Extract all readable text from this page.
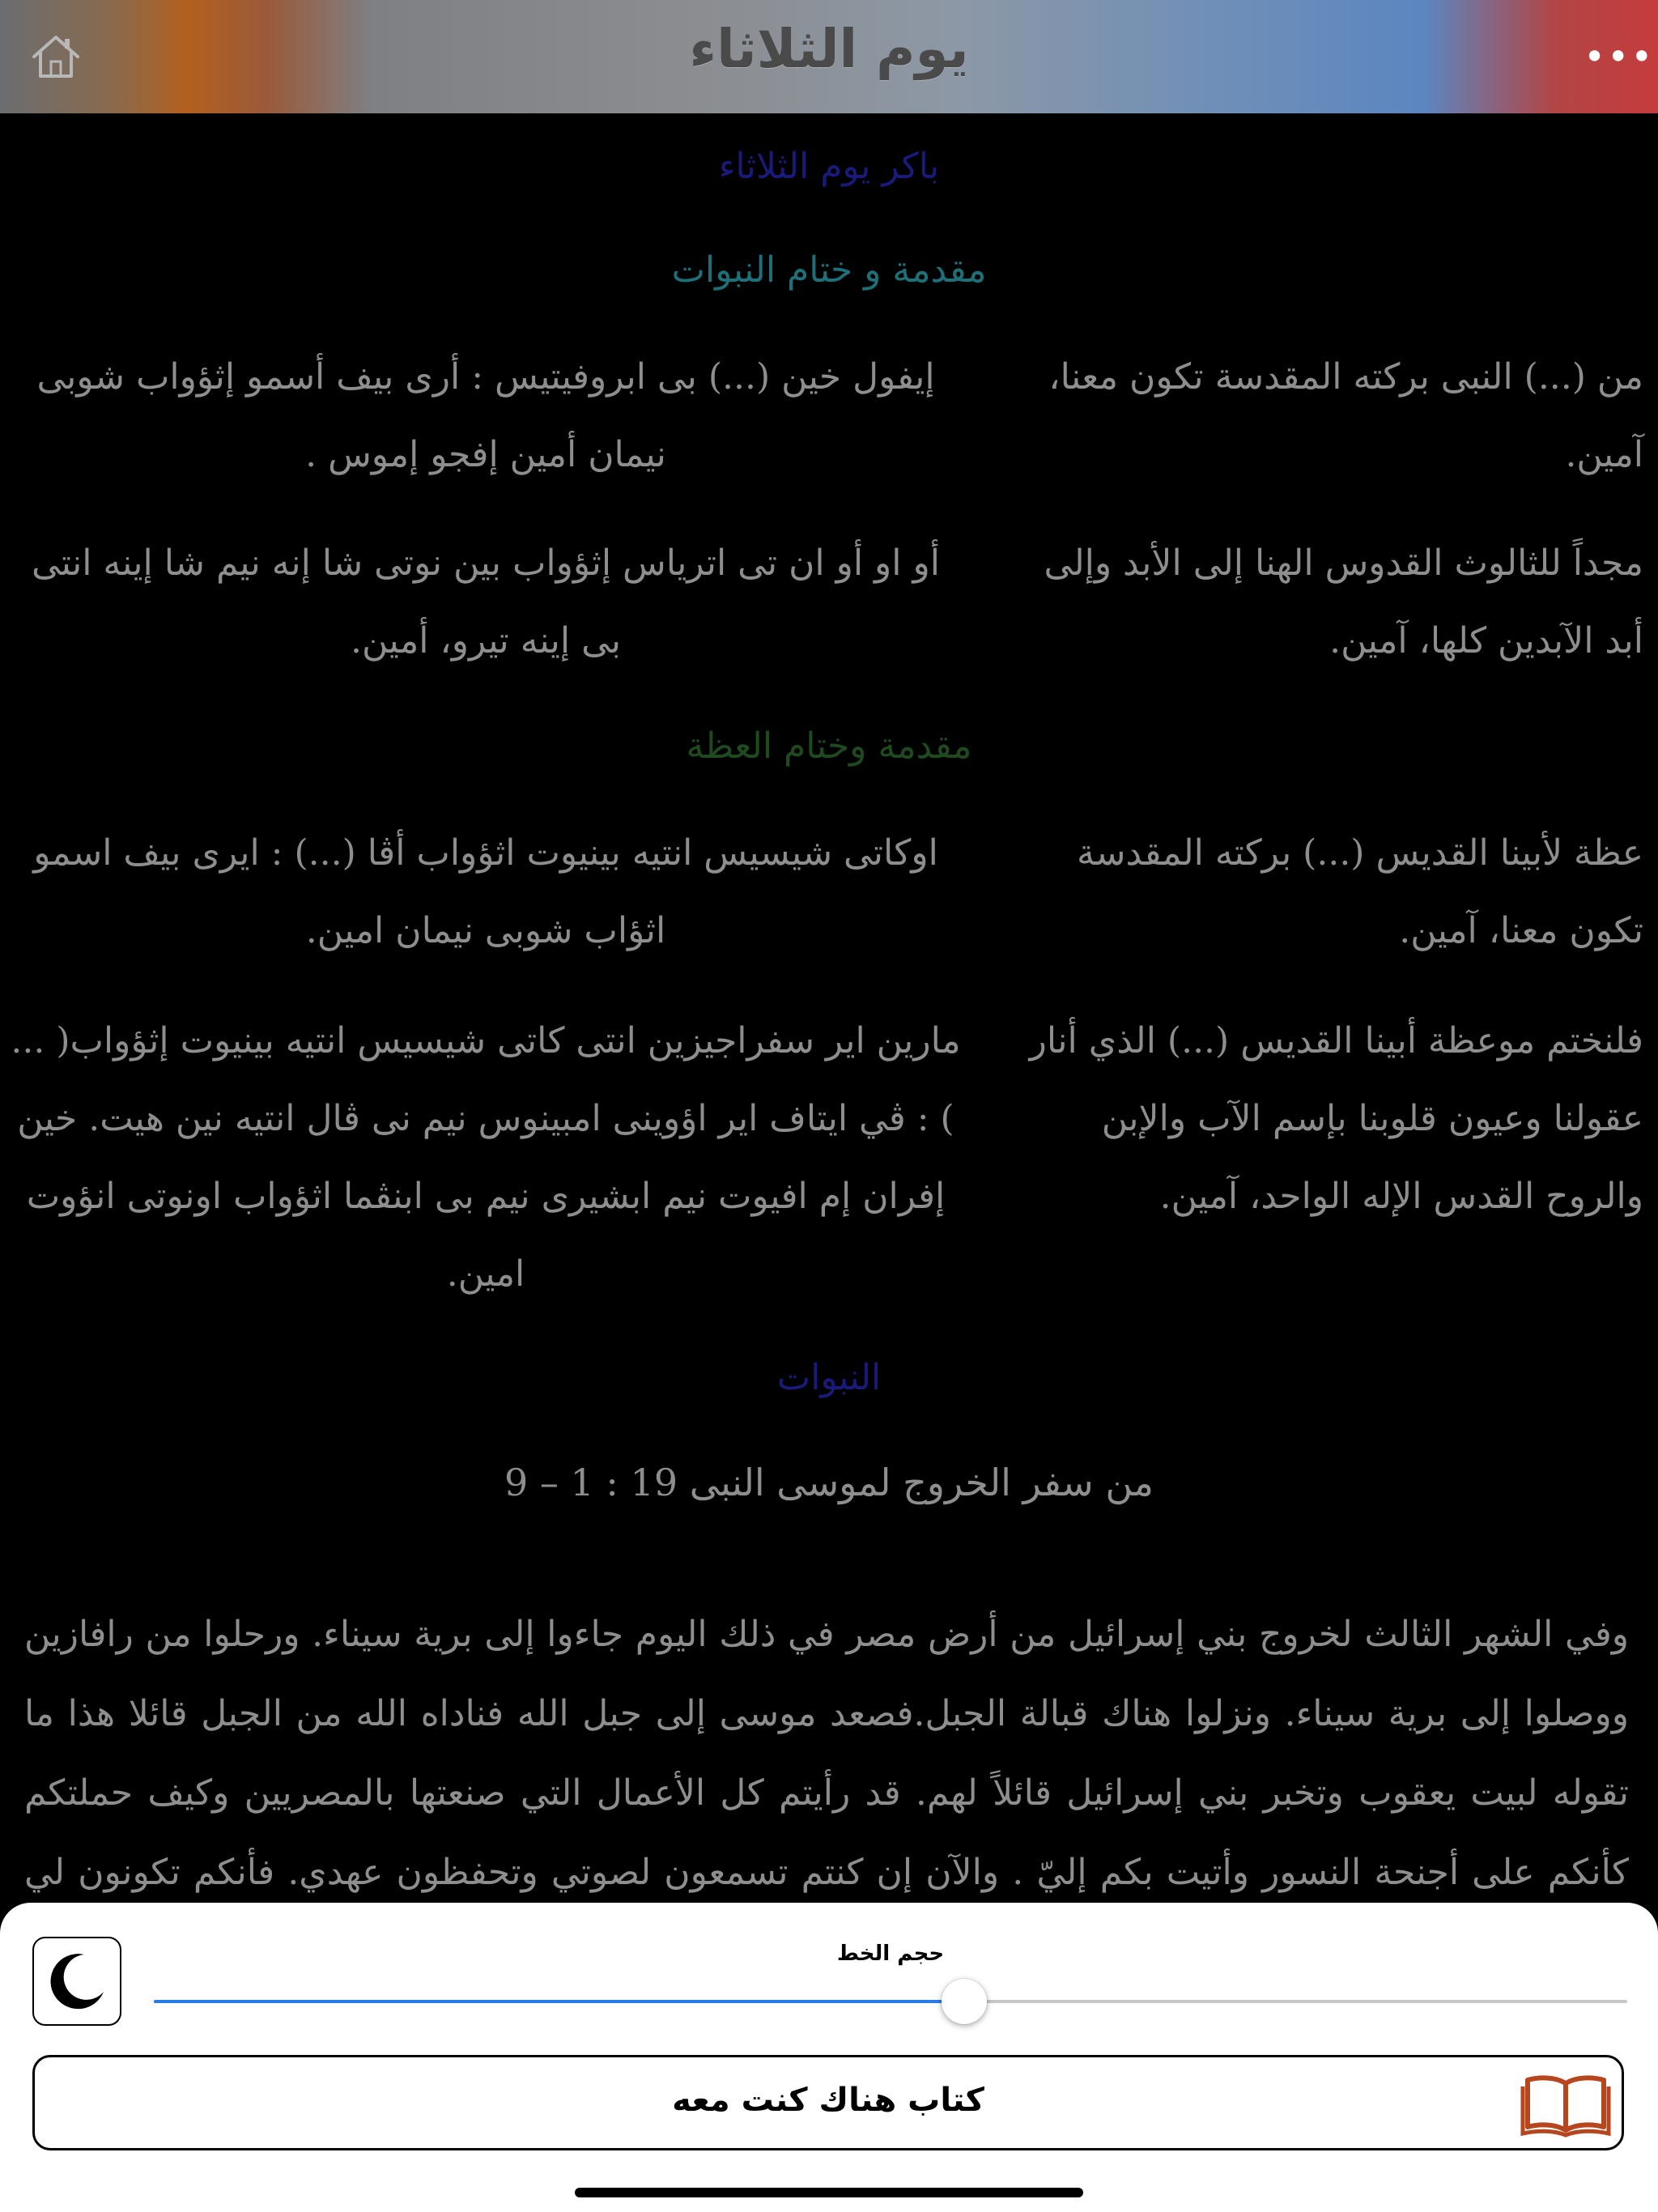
يوم الثلاثاء	•••
باكر يوم الثلاثاء
مقدمة و ختام النبوات
من (...) النبى بركته المقدسة تكون معنا، آمين.
إيفول خين (...) بى ابروفيتيس : أرى بيف أسمو إثؤواب شوبى نيمان أمين إفجو إموس .
مجداً للثالوث القدوس الهنا إلى الأبد وإلى أبد الآبدين كلها، آمين.
أو او أو ان تى اترياس إثؤواب بين نوتى شا إنه نيم شا إينه انتى بى إينه تيرو، أمين.
مقدمة وختام العظة
عظة لأبينا القديس (...) بركته المقدسة تكون معنا، آمين.
اوكاتى شيسيس انتيه بينيوت اثؤواب أڤا (...) : ايرى بيف اسمو اثؤاب شوبى نيمان امين.
فلنختم موعظة أبينا القديس (...) الذي أنار عقولنا وعيون قلوبنا بإسم الآب والإبن والروح القدس الإله الواحد، آمين.
مارين اير سفراجيزين انتى كاتى شيسيس انتيه بينيوت إثؤواب( ... ) : ڤي ايتاف اير اؤوينى امبينوس نيم نى ڤال انتيه نين هيت. خين إفران إم افيوت نيم ابشيرى نيم بى ابنڤما اثؤواب اونوتى انؤوت امين.
النبوات
من سفر الخروج لموسى النبى 19 : 1 – 9
وفي الشهر الثالث لخروج بني إسرائيل من أرض مصر في ذلك اليوم جاءوا إلى برية سيناء. ورحلوا من رافازين ووصلوا إلى برية سيناء. ونزلوا هناك قبالة الجبل.فصعد موسى إلى جبل الله فناداه الله من الجبل قائلا هذا ما تقوله لبيت يعقوب وتخبر بني إسرائيل قائلاً لهم. قد رأيتم كل الأعمال التي صنعتها بالمصريين وكيف حملتكم كأنكم على أجنحة النسور وأتيت بكم إليّ . والآن إن كنتم تسمعون لصوتي وتحفظون عهدي. فأنكم تكونون لي
حجم الخط
كتاب هناك كنت معه
